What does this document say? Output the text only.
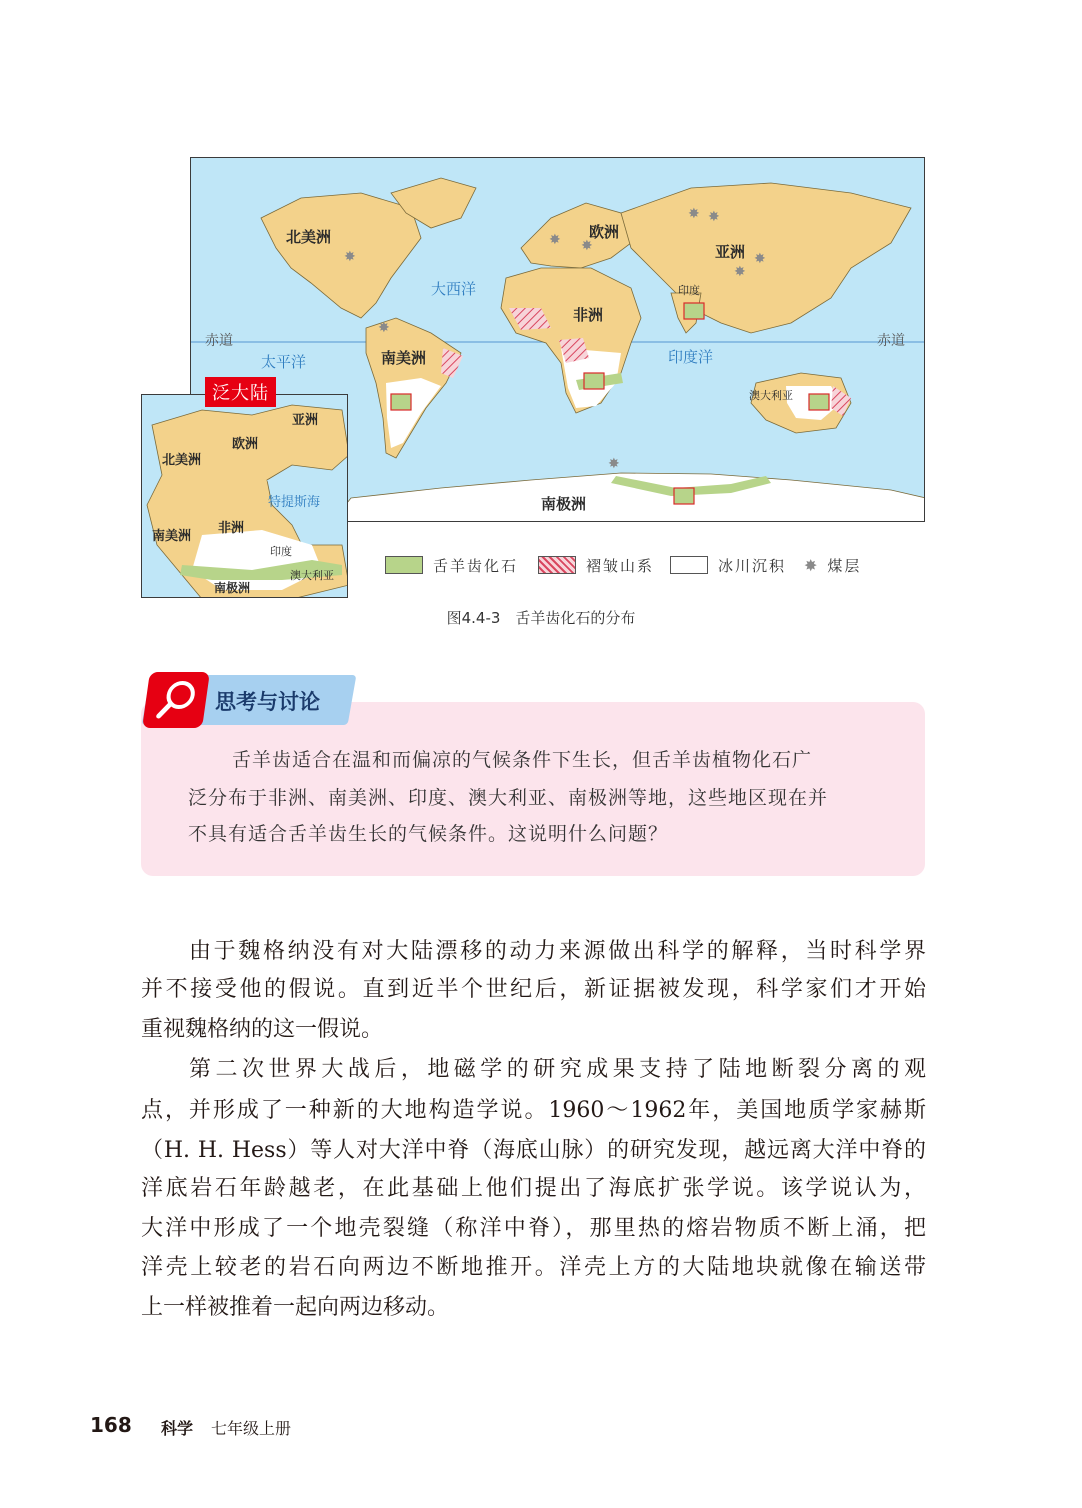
✸
✸
✸ ✸
✸ ✸
✸
✸
✸
北美洲	欧洲
亚洲
非洲
南美洲
澳大利亚
南极洲
印度
大西洋
太平洋	印度洋
赤道	赤道
亚洲
欧洲
北美洲
特提斯海
非洲
南美洲
印度
澳大利亚
南极洲
泛大陆
舌羊齿化石	褶皱山系	冰川沉积 ✸ 煤层
图4.4-3　舌羊齿化石的分布
思考与讨论
舌羊齿适合在温和而偏凉的气候条件下生长，但舌羊齿植物化石广
泛分布于非洲、南美洲、印度、澳大利亚、南极洲等地，这些地区现在并
不具有适合舌羊齿生长的气候条件。这说明什么问题？
由于魏格纳没有对大陆漂移的动力来源做出科学的解释，当时科学界
并不接受他的假说。直到近半个世纪后，新证据被发现，科学家们才开始
重视魏格纳的这一假说。
第二次世界大战后，地磁学的研究成果支持了陆地断裂分离的观
点，并形成了一种新的大地构造学说。1960～1962年，美国地质学家赫斯
（H. H. Hess）等人对大洋中脊（海底山脉）的研究发现，越远离大洋中脊的
洋底岩石年龄越老，在此基础上他们提出了海底扩张学说。该学说认为，
大洋中形成了一个地壳裂缝（称洋中脊），那里热的熔岩物质不断上涌，把
洋壳上较老的岩石向两边不断地推开。洋壳上方的大陆地块就像在输送带
上一样被推着一起向两边移动。
168 科学 七年级上册
